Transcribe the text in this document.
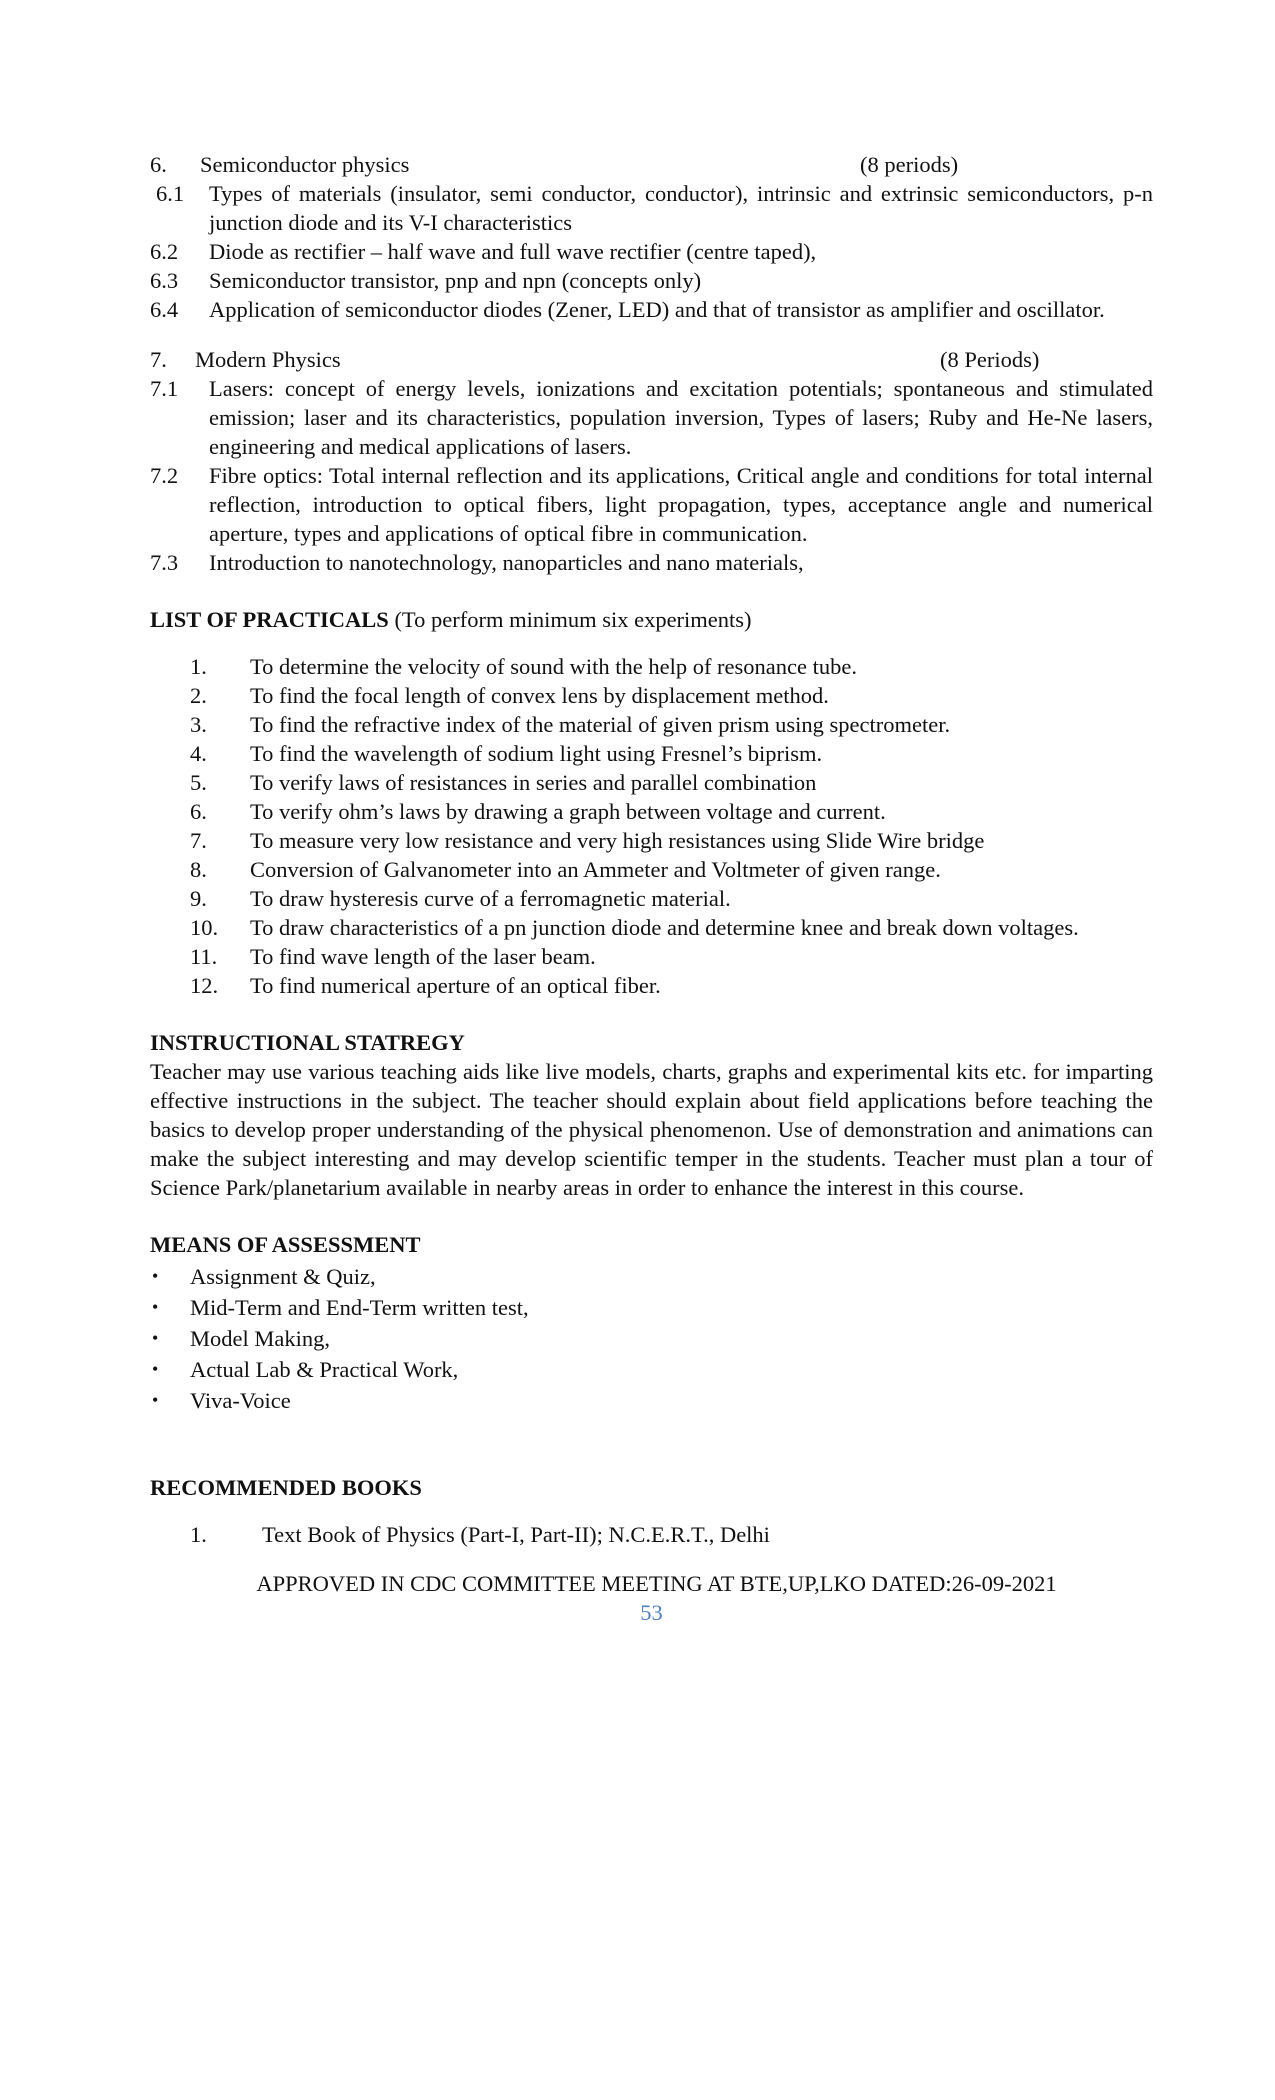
6.	Semiconductor physics	(8 periods)
6.1	Types of materials (insulator, semi conductor, conductor), intrinsic and extrinsic semiconductors, p-n junction diode and its V-I characteristics
6.2	Diode as rectifier – half wave and full wave rectifier (centre taped),
6.3	Semiconductor transistor, pnp and npn (concepts only)
6.4	Application of semiconductor diodes (Zener, LED) and that of transistor as amplifier and oscillator.
7.	Modern Physics	(8 Periods)
7.1	Lasers: concept of energy levels, ionizations and excitation potentials; spontaneous and stimulated emission; laser and its characteristics, population inversion, Types of lasers; Ruby and He-Ne lasers, engineering and medical applications of lasers.
7.2	Fibre optics: Total internal reflection and its applications, Critical angle and conditions for total internal reflection, introduction to optical fibers, light propagation, types, acceptance angle and numerical aperture, types and applications of optical fibre in communication.
7.3	Introduction to nanotechnology, nanoparticles and nano materials,
LIST OF PRACTICALS (To perform minimum six experiments)
1.	To determine the velocity of sound with the help of resonance tube.
2.	To find the focal length of convex lens by displacement method.
3.	To find the refractive index of the material of given prism using spectrometer.
4.	To find the wavelength of sodium light using Fresnel’s biprism.
5.	To verify laws of resistances in series and parallel combination
6.	To verify ohm’s laws by drawing a graph between voltage and current.
7.	To measure very low resistance and very high resistances using Slide Wire bridge
8.	Conversion of Galvanometer into an Ammeter and Voltmeter of given range.
9.	To draw hysteresis curve of a ferromagnetic material.
10.	To draw characteristics of a pn junction diode and determine knee and break down voltages.
11.	To find wave length of the laser beam.
12.	To find numerical aperture of an optical fiber.
INSTRUCTIONAL STATREGY
Teacher may use various teaching aids like live models, charts, graphs and experimental kits etc. for imparting effective instructions in the subject. The teacher should explain about field applications before teaching the basics to develop proper understanding of the physical phenomenon. Use of demonstration and animations can make the subject interesting and may develop scientific temper in the students. Teacher must plan a tour of Science Park/planetarium available in nearby areas in order to enhance the interest in this course.
MEANS OF ASSESSMENT
•	Assignment & Quiz,
•	Mid-Term and End-Term written test,
•	Model Making,
•	Actual Lab & Practical Work,
•	Viva-Voice
RECOMMENDED BOOKS
1.	Text Book of Physics (Part-I, Part-II); N.C.E.R.T., Delhi
APPROVED IN CDC COMMITTEE MEETING AT BTE,UP,LKO DATED:26-09-2021
53
